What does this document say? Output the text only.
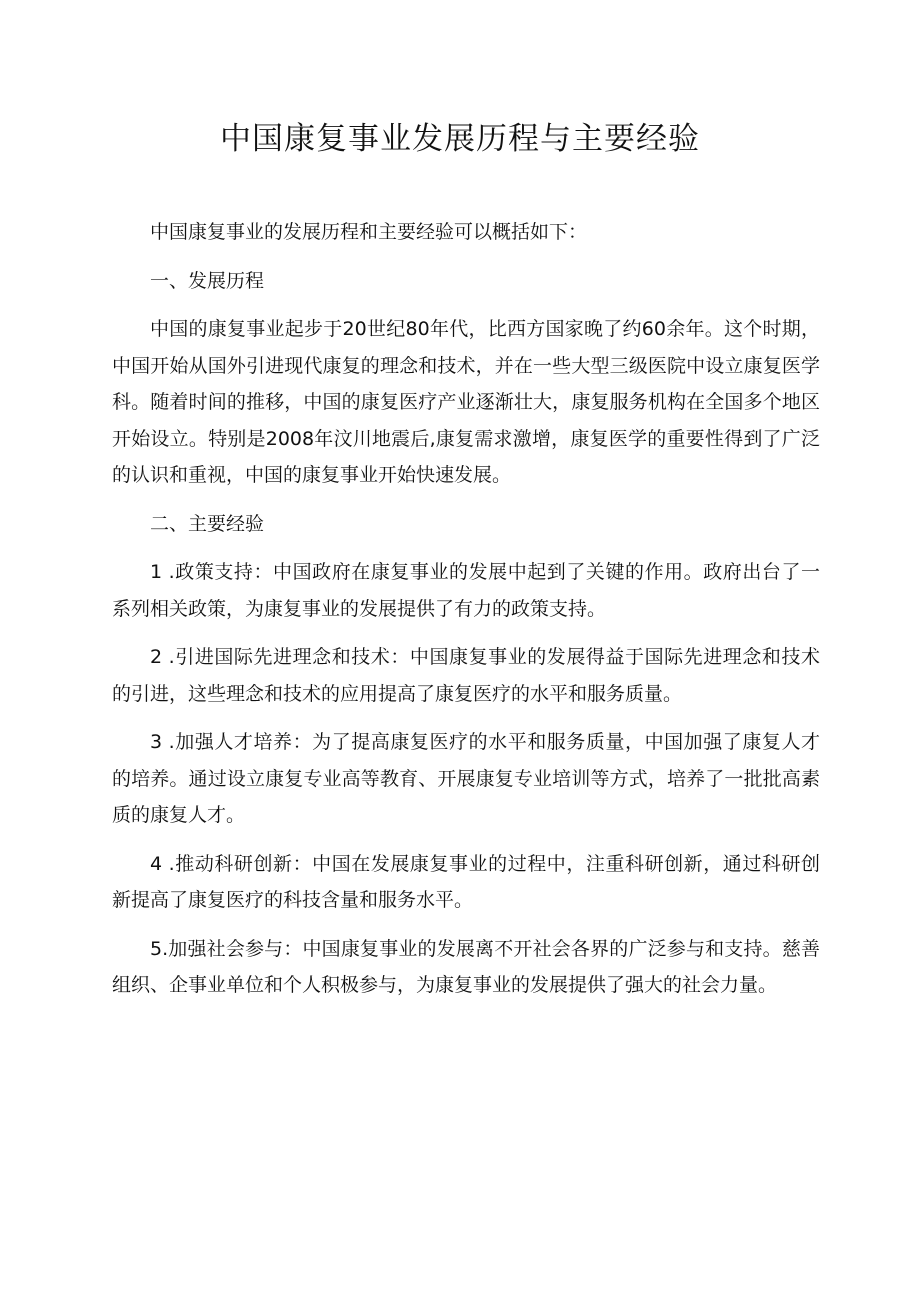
中国康复事业发展历程与主要经验

中国康复事业的发展历程和主要经验可以概括如下：

一、发展历程

中国的康复事业起步于20世纪80年代，比西方国家晚了约60余年。这个时期，中国开始从国外引进现代康复的理念和技术，并在一些大型三级医院中设立康复医学科。随着时间的推移，中国的康复医疗产业逐渐壮大，康复服务机构在全国多个地区开始设立。特别是2008年汶川地震后,康复需求激增，康复医学的重要性得到了广泛的认识和重视，中国的康复事业开始快速发展。

二、主要经验

1 .政策支持：中国政府在康复事业的发展中起到了关键的作用。政府出台了一系列相关政策，为康复事业的发展提供了有力的政策支持。

2 .引进国际先进理念和技术：中国康复事业的发展得益于国际先进理念和技术的引进，这些理念和技术的应用提高了康复医疗的水平和服务质量。

3 .加强人才培养：为了提高康复医疗的水平和服务质量，中国加强了康复人才的培养。通过设立康复专业高等教育、开展康复专业培训等方式，培养了一批批高素质的康复人才。

4 .推动科研创新：中国在发展康复事业的过程中，注重科研创新，通过科研创新提高了康复医疗的科技含量和服务水平。

5.加强社会参与：中国康复事业的发展离不开社会各界的广泛参与和支持。慈善组织、企事业单位和个人积极参与，为康复事业的发展提供了强大的社会力量。
